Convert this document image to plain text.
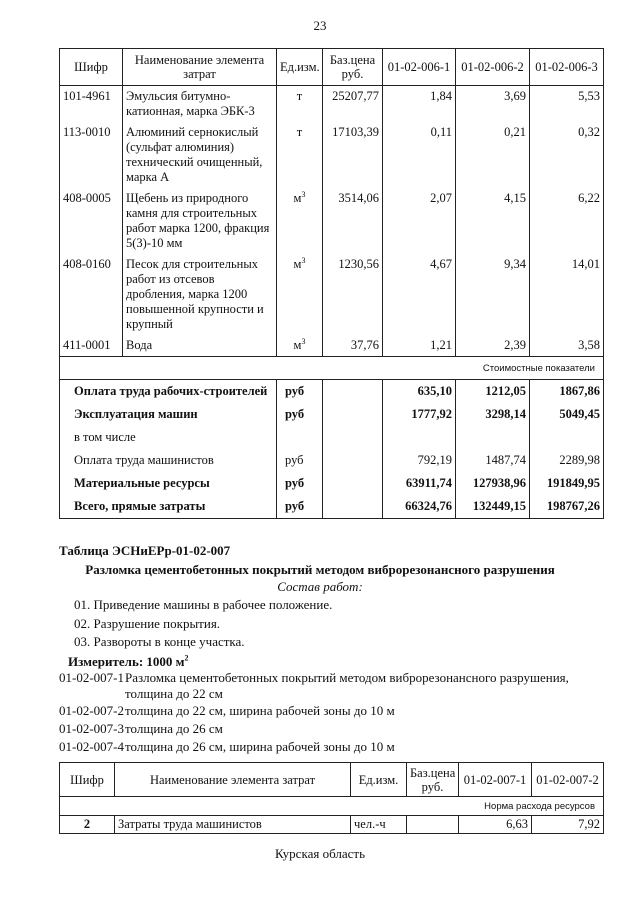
23
Шифр	Наименование элемента затрат	Ед.изм.	Баз.цена руб.	01-02-006-1	01-02-006-2	01-02-006-3
101-4961	Эмульсия битумно-катионная, марка ЭБК-3	т	25207,77	1,84	3,69	5,53
113-0010	Алюминий сернокислый (сульфат алюминия) технический очищенный, марка А	т	17103,39	0,11	0,21	0,32
408-0005	Щебень из природного камня для строительных работ марка 1200, фракция 5(3)-10 мм	$м^3$	3514,06	2,07	4,15	6,22
408-0160	Песок для строительных работ из отсевов дробления, марка 1200 повышенной крупности и крупный	$м^3$	1230,56	4,67	9,34	14,01
411-0001	Вода	$м^3$	37,76	1,21	2,39	3,58
Стоимостные показатели						
Оплата труда рабочих-строителей		руб		635,10	1212,05	1867,86
Эксплуатация машин		руб		1777,92	3298,14	5049,45
в том числе						
Оплата труда машинистов		руб		792,19	1487,74	2289,98
Материальные ресурсы		руб		63911,74	127938,96	191849,95
Всего, прямые затраты		руб		66324,76	132449,15	198767,26
Таблица ЭСНиЕРр-01-02-007
Разломка цементобетонных покрытий методом виброрезонансного разрушения
Состав работ:
01. Приведение машины в рабочее положение.
02. Разрушение покрытия.
03. Развороты в конце участка.
Измеритель: 1000 $м^2$
01-02-007-1Разломка цементобетонных покрытий методом виброрезонансного разрушения,
толщина до 22 см
01-02-007-2толщина до 22 см, ширина рабочей зоны до 10 м
01-02-007-3толщина до 26 см
01-02-007-4толщина до 26 см, ширина рабочей зоны до 10 м
Шифр	Наименование элемента затрат	Ед.изм.	Баз.цена руб.	01-02-007-1	01-02-007-2
Норма расхода ресурсов					
2	Затраты труда машинистов	чел.-ч		6,63	7,92
Курская область
